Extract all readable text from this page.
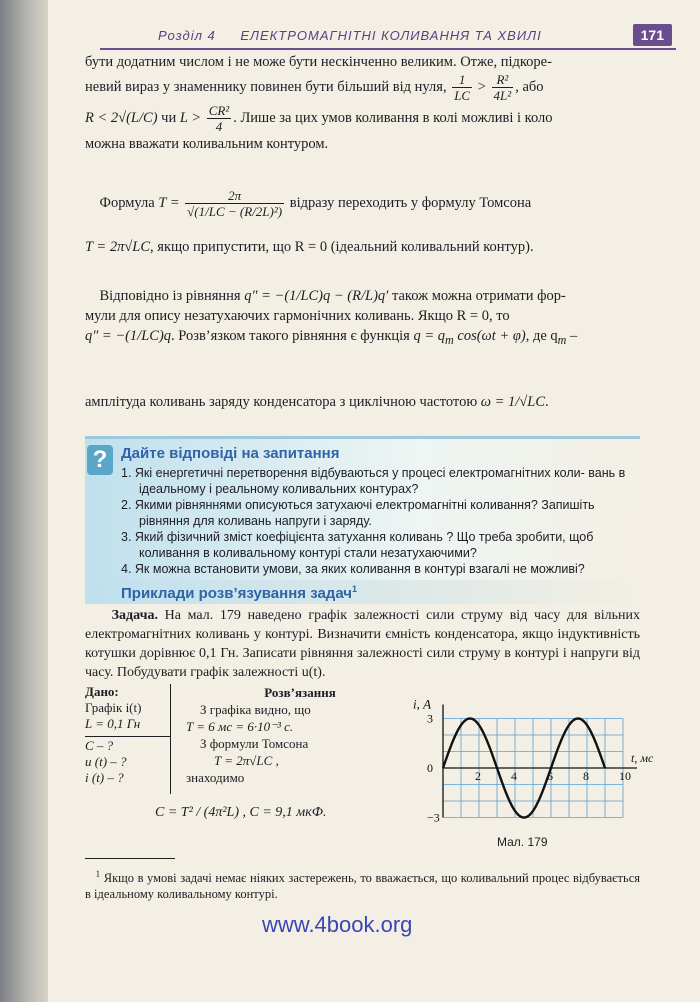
Розділ 4 ЕЛЕКТРОМАГНІТНІ КОЛИВАННЯ ТА ХВИЛІ	171
бути додатним числом і не може бути нескінченно великим. Отже, підкоре-
невий вираз у знаменнику повинен бути більший від нуля, $\frac{1}{LC} > \frac{\text{R²}}{\text{4L²}}$ , або
R < 2√(L/C) чи $L > \frac{\text{CR²}}{4}$ . Лише за цих умов коливання в колі можливі і коло
можна вважати коливальним контуром.
Формула $T = \frac{2\pi}{\text{√(1/LC − (R/2L)²)}}$ відразу переходить у формулу Томсона

T = 2π√LC, якщо припустити, що R = 0 (ідеальний коливальний контур).
Відповідно із рівняння q″ = −(1/LC)q − (R/L)q′ також можна отримати фор-
мули для опису незатухаючих гармонічних коливань. Якщо R = 0, то
q″ = −(1/LC)q. Розв’язком такого рівняння є функція $q = q_m$ cos(ωt + φ), де $q_m$ –
амплітуда коливань заряду конденсатора з циклічною частотою ω = 1/√LC.
? Дайте відповіді на запитання
1. Які енергетичні перетворення відбуваються у процесі електромагнітних коли- вань в ідеальному і реальному коливальних контурах?
2. Якими рівняннями описуються затухаючі електромагнітні коливання? Запишіть рівняння для коливань напруги і заряду.
3. Який фізичний зміст коефіцієнта затухання коливань ? Що треба зробити, щоб коливання в коливальному контурі стали незатухаючими?
4. Як можна встановити умови, за яких коливання в контурі взагалі не можливі?
Приклади розв’язування задач$^1$
Задача. На мал. 179 наведено графік залежності сили струму від часу для вільних електромагнітних коливань у контурі. Визначити ємність конденсатора, якщо індуктивність котушки дорівнює 0,1 Гн. Записати рівняння залежності сили струму в контурі і напруги від часу. Побудувати графік залежності u(t).
Дано:
Графік i(t)
L = 0,1 Гн
C – ?
u (t) – ?
i (t) – ?
Розв’язання
З графіка видно, що
T = 6 мс = 6·10⁻³ с.
З формули Томсона
T = 2π√LC ,
знаходимо
C = T² / (4π²L) , C = 9,1 мкФ.
2	4	6	8	10
3
0
−3
i, А
t, мс
Мал. 179
$^1$ Якщо в умові задачі немає ніяких застережень, то вважається, що коливальний процес відбувається в ідеальному коливальному контурі.
www.4book.org
